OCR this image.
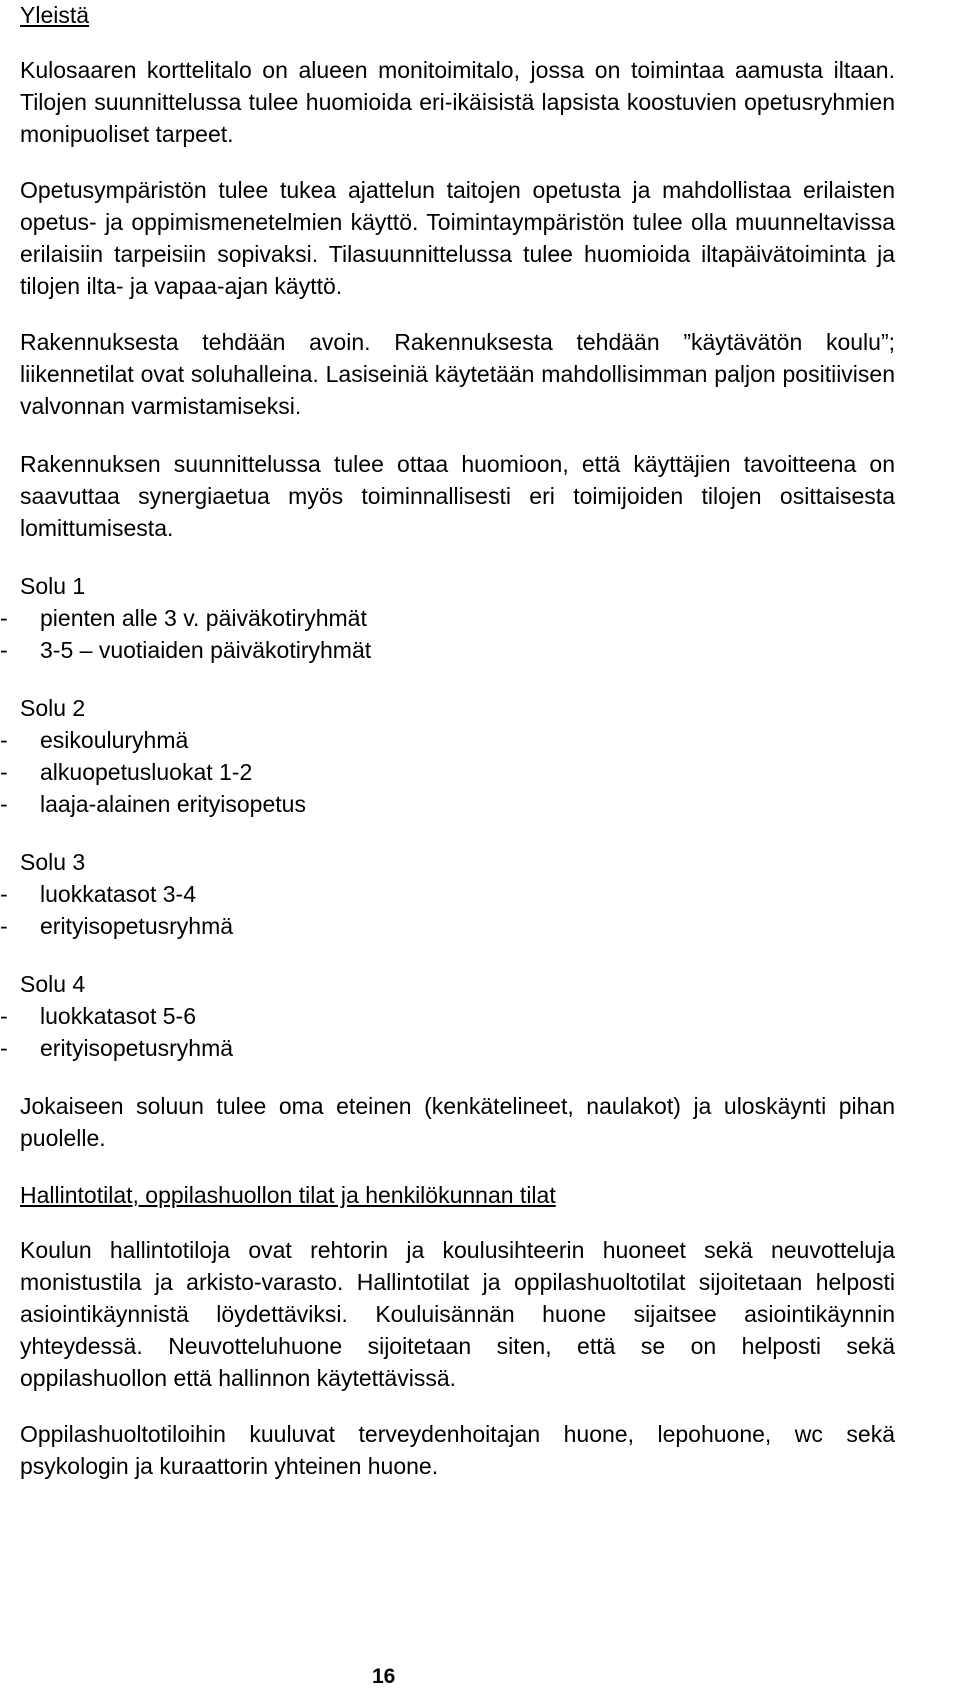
Yleistä

Kulosaaren korttelitalo on alueen monitoimitalo, jossa on toimintaa aamusta iltaan. Tilojen suunnittelussa tulee huomioida eri-ikäisistä lapsista koostuvien opetusryhmien monipuoliset tarpeet.

Opetusympäristön tulee tukea ajattelun taitojen opetusta ja mahdollistaa erilaisten opetus- ja oppimismenetelmien käyttö. Toimintaympäristön tulee olla muunneltavissa erilaisiin tarpeisiin sopivaksi. Tilasuunnittelussa tulee huomioida iltapäivätoiminta ja tilojen ilta- ja vapaa-ajan käyttö.

Rakennuksesta tehdään avoin. Rakennuksesta tehdään ”käytävätön koulu”; liikennetilat ovat soluhalleina. Lasiseiniä käytetään mahdollisimman paljon positiivisen valvonnan varmistamiseksi.

Rakennuksen suunnittelussa tulee ottaa huomioon, että käyttäjien tavoitteena on saavuttaa synergiaetua myös toiminnallisesti eri toimijoiden tilojen osittaisesta lomittumisesta.

Solu 1
- pienten alle 3 v. päiväkotiryhmät
- 3-5 – vuotiaiden päiväkotiryhmät
Solu 2
- esikouluryhmä
- alkuopetusluokat 1-2
- laaja-alainen erityisopetus
Solu 3
- luokkatasot 3-4
- erityisopetusryhmä
Solu 4
- luokkatasot 5-6
- erityisopetusryhmä

Jokaiseen soluun tulee oma eteinen (kenkätelineet, naulakot) ja uloskäynti pihan puolelle.

Hallintotilat, oppilashuollon tilat ja henkilökunnan tilat

Koulun hallintotiloja ovat rehtorin ja koulusihteerin huoneet sekä neuvotteluja monistustila ja arkisto-varasto. Hallintotilat ja oppilashuoltotilat sijoitetaan helposti asiointikäynnistä löydettäviksi. Kouluisännän huone sijaitsee asiointikäynnin yhteydessä. Neuvotteluhuone sijoitetaan siten, että se on helposti sekä oppilashuollon että hallinnon käytettävissä.

Oppilashuoltotiloihin kuuluvat terveydenhoitajan huone, lepohuone, wc sekä psykologin ja kuraattorin yhteinen huone.

16
